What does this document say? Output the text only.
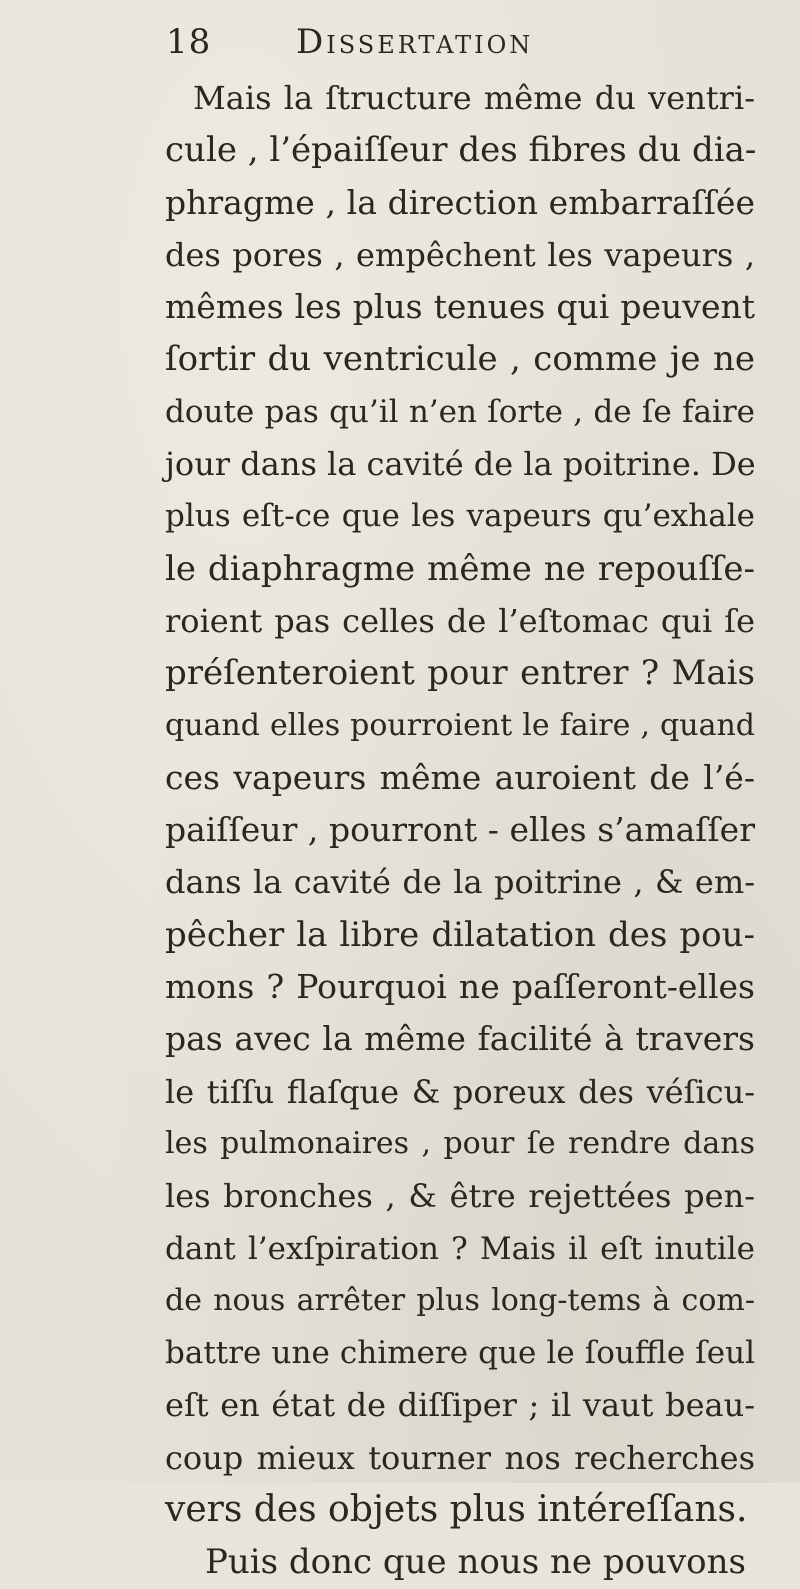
18 Dissertation
Mais la ſtructure même du ventri-
cule , l’épaiſſeur des fibres du dia-
phragme , la direction embarraſſée
des pores , empêchent les vapeurs ,
mêmes les plus tenues qui peuvent
ſortir du ventricule , comme je ne
doute pas qu’il n’en ſorte , de ſe faire
jour dans la cavité de la poitrine. De
plus eſt-ce que les vapeurs qu’exhale
le diaphragme même ne repouſſe-
roient pas celles de l’eſtomac qui ſe
préſenteroient pour entrer ? Mais
quand elles pourroient le faire , quand
ces vapeurs même auroient de l’é-
paiſſeur , pourront - elles s’amaſſer
dans la cavité de la poitrine , & em-
pêcher la libre dilatation des pou-
mons ? Pourquoi ne paſſeront-elles
pas avec la même facilité à travers
le tiſſu flaſque & poreux des véſicu-
les pulmonaires , pour ſe rendre dans
les bronches , & être rejettées pen-
dant l’exſpiration ? Mais il eſt inutile
de nous arrêter plus long-tems à com-
battre une chimere que le ſouffle ſeul
eſt en état de diſſiper ; il vaut beau-
coup mieux tourner nos recherches
vers des objets plus intéreſſans.
Puis donc que nous ne pouvons
